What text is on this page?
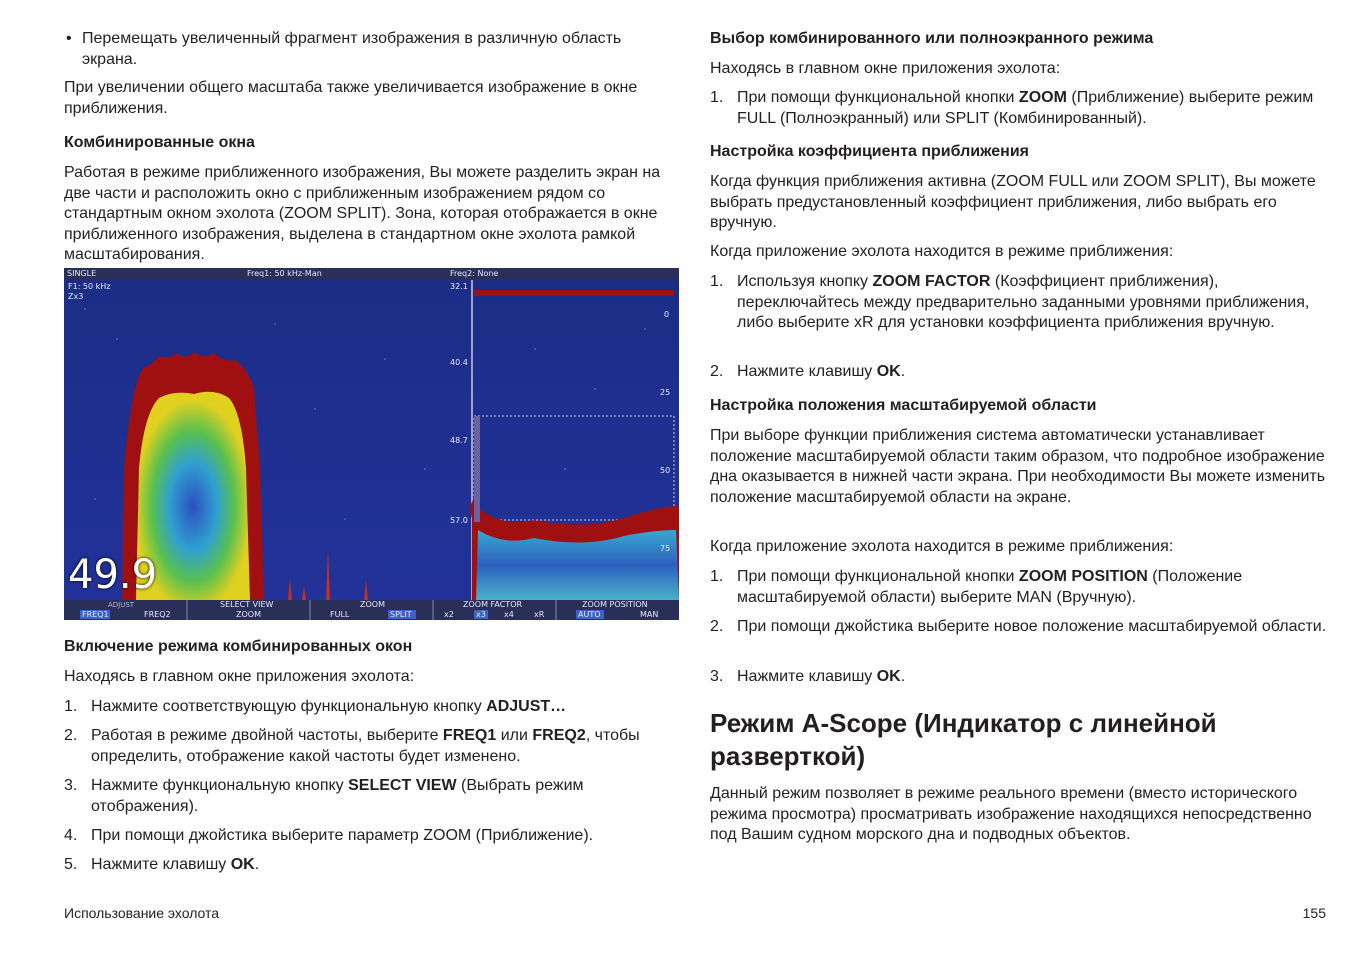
• Перемещать увеличенный фрагмент изображения в различную область экрана.

При увеличении общего масштаба также увеличивается изображение в окне приближения.

Комбинированные окна

Работая в режиме приближенного изображения, Вы можете разделить экран на две части и расположить окно с приближенным изображением рядом со стандартным окном эхолота (ZOOM SPLIT). Зона, которая отображается в окне приближенного изображения, выделена в стандартном окне эхолота рамкой масштабирования.

SINGLE	Freq1: 50 kHz-Man	Freq2: None
F1: 50 kHz
Zx3
32.1
40.4
48.7
57.0
0
25
50
75
49.9
ADJUST
FREQ1	FREQ2
SELECT VIEW
ZOOM
ZOOM
FULL	SPLIT
ZOOM FACTOR
x2	x3 x4	xR
ZOOM POSITION
AUTO	MAN
Включение режима комбинированных окон

Находясь в главном окне приложения эхолота:

1. Нажмите соответствующую функциональную кнопку ADJUST…
2. Работая в режиме двойной частоты, выберите FREQ1 или FREQ2, чтобы определить, отображение какой частоты будет изменено.
3. Нажмите функциональную кнопку SELECT VIEW (Выбрать режим отображения).
4. При помощи джойстика выберите параметр ZOOM (Приближение).
5. Нажмите клавишу OK.
Выбор комбинированного или полноэкранного режима

Находясь в главном окне приложения эхолота:

1. При помощи функциональной кнопки ZOOM (Приближение) выберите режим FULL (Полноэкранный) или SPLIT (Комбинированный).
Настройка коэффициента приближения

Когда функция приближения активна (ZOOM FULL или ZOOM SPLIT), Вы можете выбрать предустановленный коэффициент приближения, либо выбрать его вручную.

Когда приложение эхолота находится в режиме приближения:

1. Используя кнопку ZOOM FACTOR (Коэффициент приближения), переключайтесь между предварительно заданными уровнями приближения, либо выберите xR для установки коэффициента приближения вручную.
2. Нажмите клавишу OK.
Настройка положения масштабируемой области

При выборе функции приближения система автоматически устанавливает положение масштабируемой области таким образом, что подробное изображение дна оказывается в нижней части экрана. При необходимости Вы можете изменить положение масштабируемой области на экране.

Когда приложение эхолота находится в режиме приближения:

1. При помощи функциональной кнопки ZOOM POSITION (Положение масштабируемой области) выберите MAN (Вручную).
2. При помощи джойстика выберите новое положение масштабируемой области.
3. Нажмите клавишу OK.
Режим A-Scope (Индикатор с линейной разверткой)

Данный режим позволяет в режиме реального времени (вместо исторического режима просмотра) просматривать изображение находящихся непосредственно под Вашим судном морского дна и подводных объектов.

Использование эхолота	155
